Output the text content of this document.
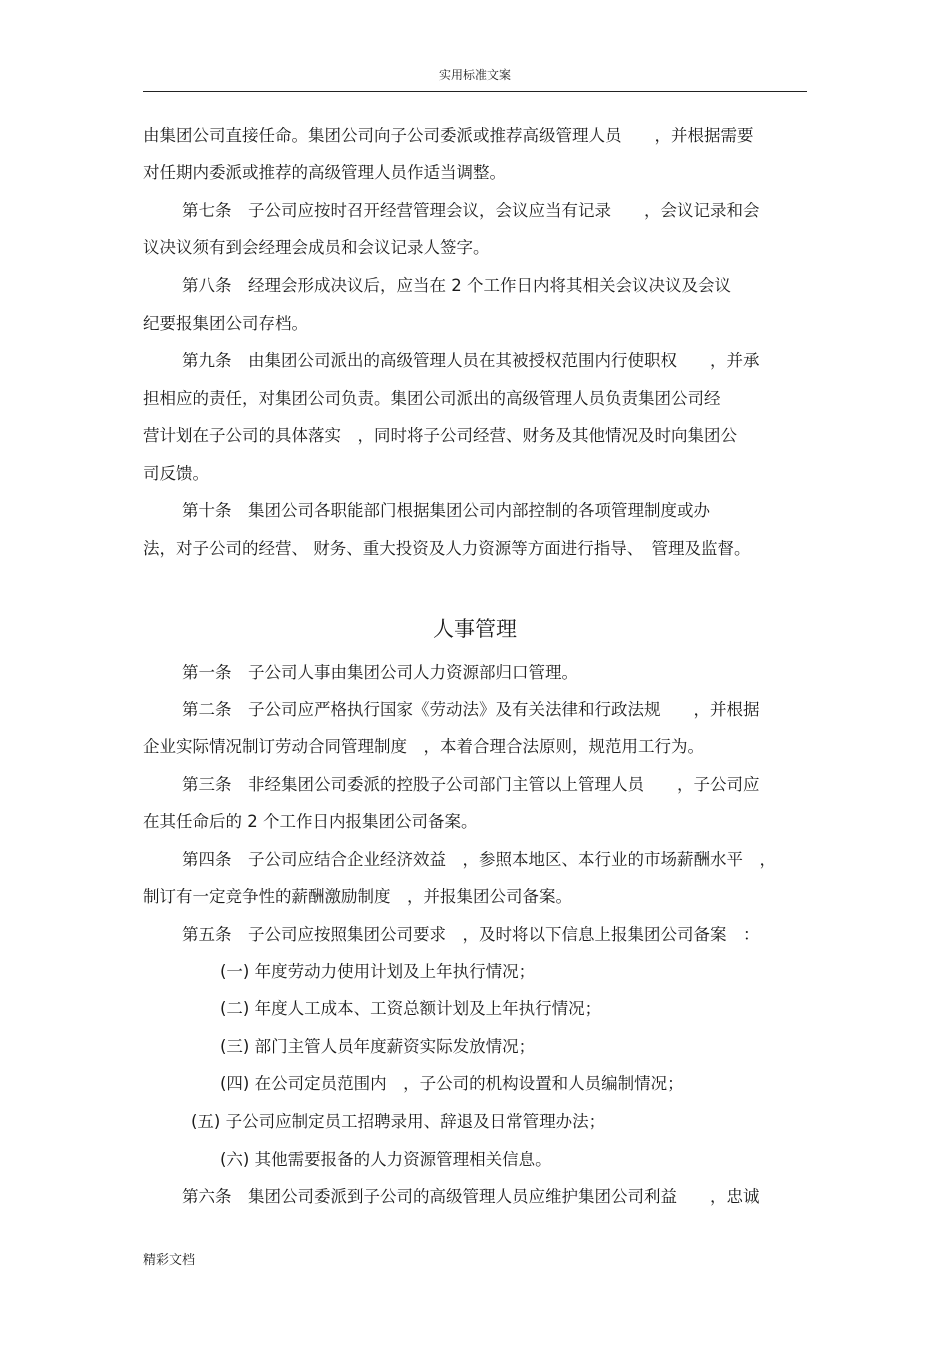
实用标准文案
由集团公司直接任命。集团公司向子公司委派或推荐高级管理人员　　，并根据需要
对任期内委派或推荐的高级管理人员作适当调整。
第七条　子公司应按时召开经营管理会议，会议应当有记录　　，会议记录和会
议决议须有到会经理会成员和会议记录人签字。
第八条　经理会形成决议后，应当在 2 个工作日内将其相关会议决议及会议
纪要报集团公司存档。
第九条　由集团公司派出的高级管理人员在其被授权范围内行使职权　　，并承
担相应的责任，对集团公司负责。集团公司派出的高级管理人员负责集团公司经
营计划在子公司的具体落实　，同时将子公司经营、财务及其他情况及时向集团公
司反馈。
第十条　集团公司各职能部门根据集团公司内部控制的各项管理制度或办
法，对子公司的经营、 财务、重大投资及人力资源等方面进行指导、　管理及监督。
人事管理
第一条　子公司人事由集团公司人力资源部归口管理。
第二条　子公司应严格执行国家《劳动法》及有关法律和行政法规　　，并根据
企业实际情况制订劳动合同管理制度　，本着合理合法原则，规范用工行为。
第三条　非经集团公司委派的控股子公司部门主管以上管理人员　　，子公司应
在其任命后的 2 个工作日内报集团公司备案。
第四条　子公司应结合企业经济效益　，参照本地区、本行业的市场薪酬水平　，
制订有一定竞争性的薪酬激励制度　，并报集团公司备案。
第五条　子公司应按照集团公司要求　，及时将以下信息上报集团公司备案　：
(一) 年度劳动力使用计划及上年执行情况；
(二) 年度人工成本、工资总额计划及上年执行情况；
(三) 部门主管人员年度薪资实际发放情况；
(四) 在公司定员范围内　，子公司的机构设置和人员编制情况；
(五) 子公司应制定员工招聘录用、辞退及日常管理办法；
(六) 其他需要报备的人力资源管理相关信息。
第六条　集团公司委派到子公司的高级管理人员应维护集团公司利益　　，忠诚
精彩文档
